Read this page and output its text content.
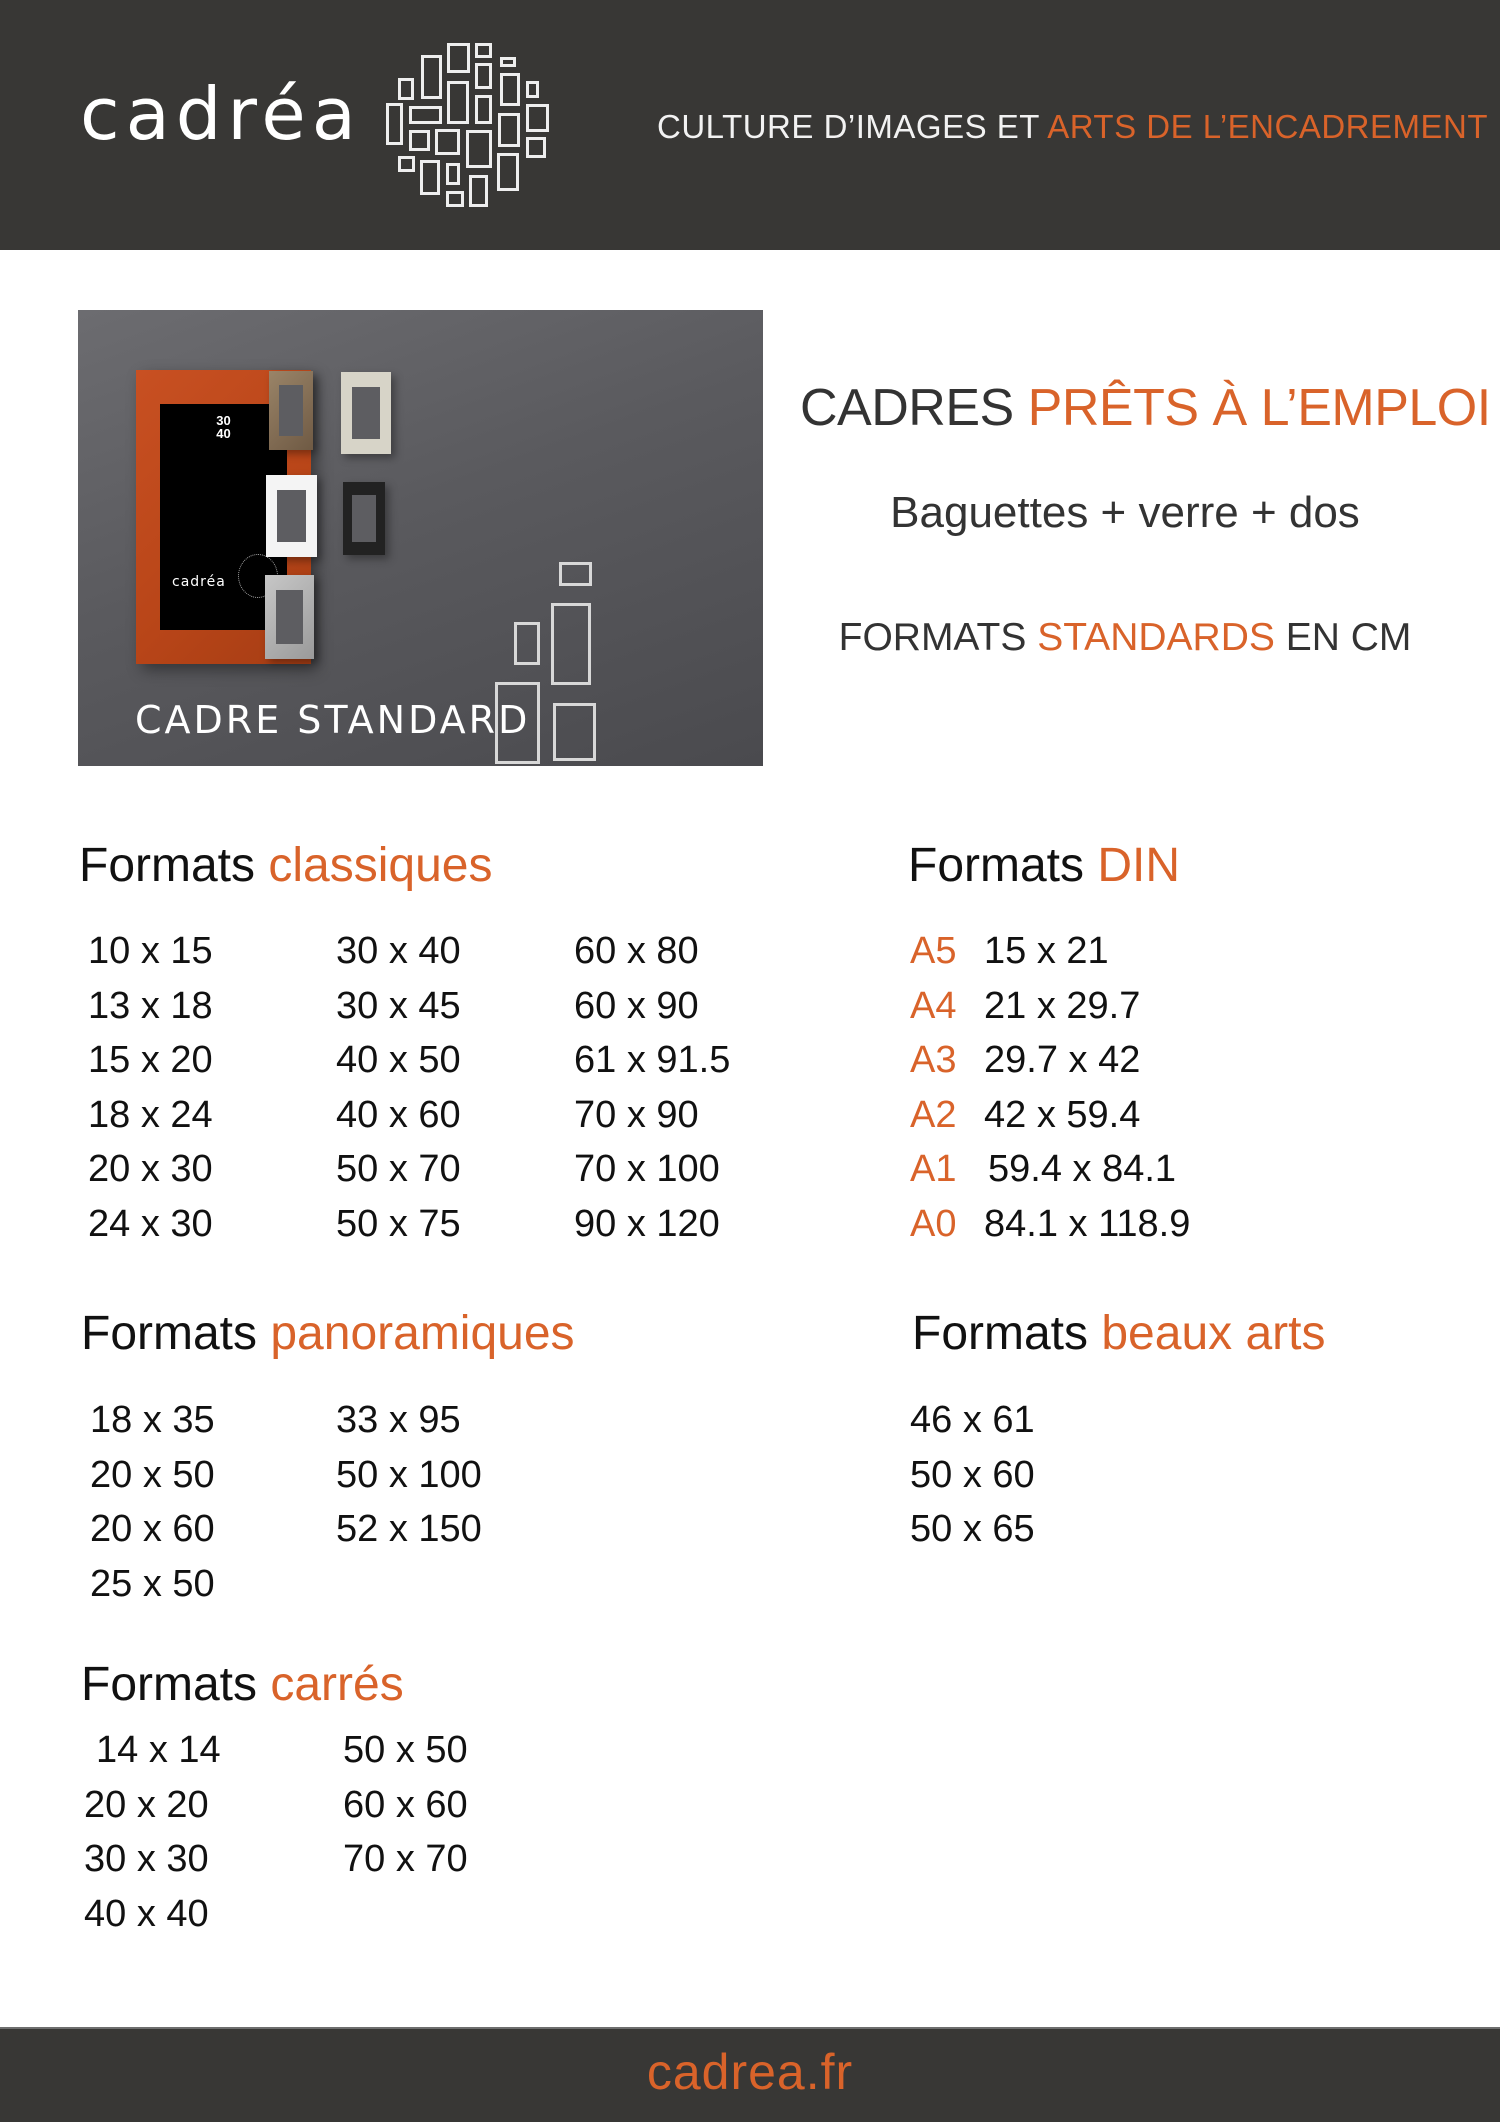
cadréa	CULTURE D’IMAGES ET ARTS DE L’ENCADREMENT
30
40
cadréa
CADRE STANDARD
CADRES PRÊTS À L’EMPLOI
Baguettes + verre + dos
FORMATS STANDARDS EN CM
Formats classiques
10 x 15
13 x 18
15 x 20
18 x 24
20 x 30
24 x 30
30 x 40
30 x 45
40 x 50
40 x 60
50 x 70
50 x 75
60 x 80
60 x 90
61 x 91.5
70 x 90
70 x 100
90 x 120
Formats DIN
A5 15 x 21
A4 21 x 29.7
A3 29.7 x 42
A2 42 x 59.4
A1 59.4 x 84.1
A0 84.1 x 118.9
Formats panoramiques
18 x 35
20 x 50
20 x 60
25 x 50
33 x 95
50 x 100
52 x 150
Formats beaux arts
46 x 61
50 x 60
50 x 65
Formats carrés
14 x 14
20 x 20
30 x 30
40 x 40
50 x 50
60 x 60
70 x 70
cadrea.fr
